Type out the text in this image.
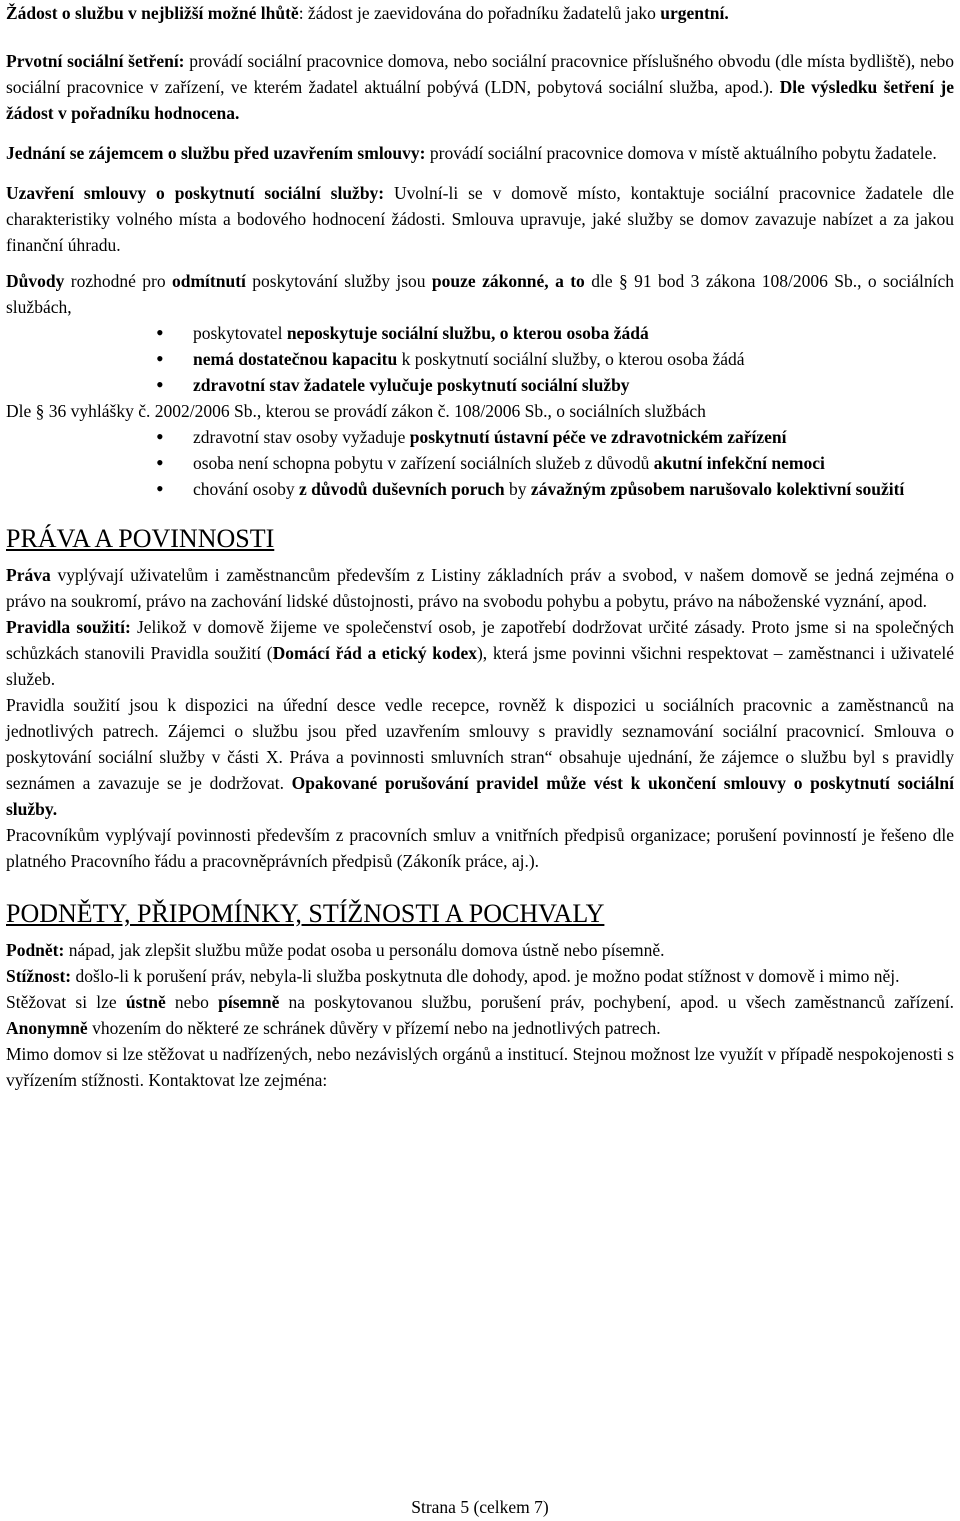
Žádost o službu v nejbližší možné lhůtě: žádost je zaevidována do pořadníku žadatelů jako urgentní.

Prvotní sociální šetření: provádí sociální pracovnice domova, nebo sociální pracovnice příslušného obvodu (dle místa bydliště), nebo sociální pracovnice v zařízení, ve kterém žadatel aktuální pobývá (LDN, pobytová sociální služba, apod.). Dle výsledku šetření je žádost v pořadníku hodnocena.

Jednání se zájemcem o službu před uzavřením smlouvy: provádí sociální pracovnice domova v místě aktuálního pobytu žadatele.

Uzavření smlouvy o poskytnutí sociální služby: Uvolní-li se v domově místo, kontaktuje sociální pracovnice žadatele dle charakteristiky volného místa a bodového hodnocení žádosti. Smlouva upravuje, jaké služby se domov zavazuje nabízet a za jakou finanční úhradu.

Důvody rozhodné pro odmítnutí poskytování služby jsou pouze zákonné, a to dle § 91 bod 3 zákona 108/2006 Sb., o sociálních službách,

• poskytovatel neposkytuje sociální službu, o kterou osoba žádá
• nemá dostatečnou kapacitu k poskytnutí sociální služby, o kterou osoba žádá
• zdravotní stav žadatele vylučuje poskytnutí sociální služby

Dle § 36 vyhlášky č. 2002/2006 Sb., kterou se provádí zákon č. 108/2006 Sb., o sociálních službách

• zdravotní stav osoby vyžaduje poskytnutí ústavní péče ve zdravotnickém zařízení
• osoba není schopna pobytu v zařízení sociálních služeb z důvodů akutní infekční nemoci
• chování osoby z důvodů duševních poruch by závažným způsobem narušovalo kolektivní soužití
PRÁVA A POVINNOSTI

Práva vyplývají uživatelům i zaměstnancům především z Listiny základních práv a svobod, v našem domově se jedná zejména o právo na soukromí, právo na zachování lidské důstojnosti, právo na svobodu pohybu a pobytu, právo na náboženské vyznání, apod.

Pravidla soužití: Jelikož v domově žijeme ve společenství osob, je zapotřebí dodržovat určité zásady. Proto jsme si na společných schůzkách stanovili Pravidla soužití (Domácí řád a etický kodex), která jsme povinni všichni respektovat – zaměstnanci i uživatelé služeb.

Pravidla soužití jsou k dispozici na úřední desce vedle recepce, rovněž k dispozici u sociálních pracovnic a zaměstnanců na jednotlivých patrech. Zájemci o službu jsou před uzavřením smlouvy s pravidly seznamování sociální pracovnicí. Smlouva o poskytování sociální služby v části X. Práva a povinnosti smluvních stran“ obsahuje ujednání, že zájemce o službu byl s pravidly seznámen a zavazuje se je dodržovat. Opakované porušování pravidel může vést k ukončení smlouvy o poskytnutí sociální služby.

Pracovníkům vyplývají povinnosti především z pracovních smluv a vnitřních předpisů organizace; porušení povinností je řešeno dle platného Pracovního řádu a pracovněprávních předpisů (Zákoník práce, aj.).

PODNĚTY, PŘIPOMÍNKY, STÍŽNOSTI A POCHVALY

Podnět: nápad, jak zlepšit službu může podat osoba u personálu domova ústně nebo písemně.

Stížnost: došlo-li k porušení práv, nebyla-li služba poskytnuta dle dohody, apod. je možno podat stížnost v domově i mimo něj.

Stěžovat si lze ústně nebo písemně na poskytovanou službu, porušení práv, pochybení, apod. u všech zaměstnanců zařízení. Anonymně vhozením do některé ze schránek důvěry v přízemí nebo na jednotlivých patrech.

Mimo domov si lze stěžovat u nadřízených, nebo nezávislých orgánů a institucí. Stejnou možnost lze využít v případě nespokojenosti s vyřízením stížnosti. Kontaktovat lze zejména:

Strana 5 (celkem 7)
